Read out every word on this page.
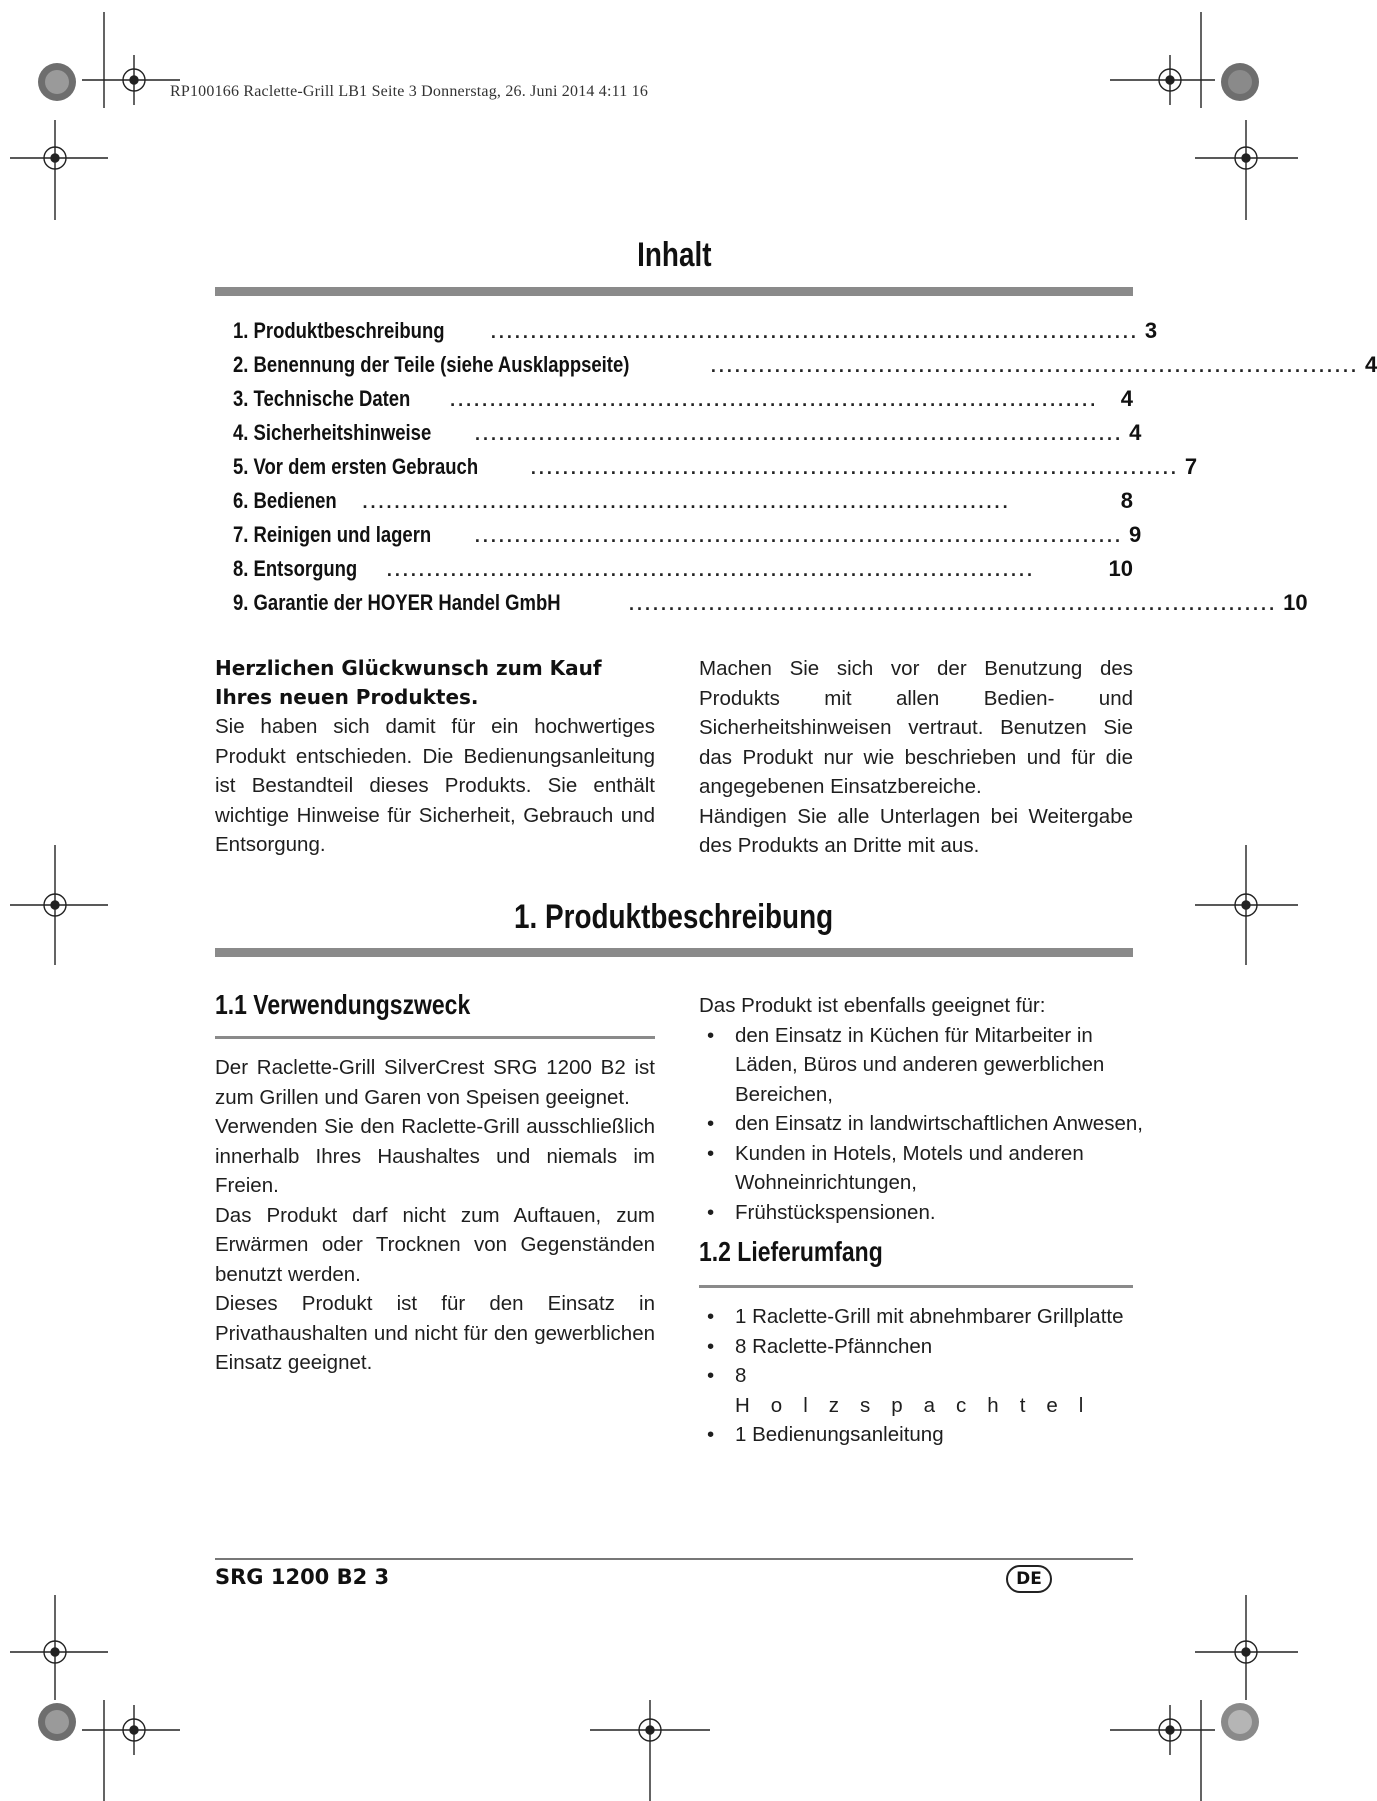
RP100166 Raclette-Grill LB1 Seite 3 Donnerstag, 26. Juni 2014 4:11 16
Inhalt
1. Produktbeschreibung	................................................................................. 3
2. Benennung der Teile (siehe Ausklappseite)	................................................................................. 4
3. Technische Daten .................................................................................	4
4. Sicherheitshinweise ................................................................................. 4
5. Vor dem ersten Gebrauch	................................................................................. 7
6. Bedienen .................................................................................	8
7. Reinigen und lagern ................................................................................. 9
8. Entsorgung .................................................................................	10
9. Garantie der HOYER Handel GmbH	................................................................................. 10

Herzlichen Glückwunsch zum Kauf Ihres neuen Produktes.

Sie haben sich damit für ein hochwertiges Produkt entschieden. Die Bedienungsanleitung ist Bestandteil dieses Produkts. Sie enthält wichtige Hinweise für Sicherheit, Gebrauch und Entsorgung.

Machen Sie sich vor der Benutzung des Produkts mit allen Bedien- und Sicherheitshinweisen vertraut. Benutzen Sie das Produkt nur wie beschrieben und für die angegebenen Einsatzbereiche.

Händigen Sie alle Unterlagen bei Weitergabe des Produkts an Dritte mit aus.

1. Produktbeschreibung
1.1 Verwendungszweck

Der Raclette-Grill SilverCrest SRG 1200 B2 ist zum Grillen und Garen von Speisen geeignet.

Verwenden Sie den Raclette-Grill ausschließlich innerhalb Ihres Haushaltes und niemals im Freien.

Das Produkt darf nicht zum Auftauen, zum Erwärmen oder Trocknen von Gegenständen benutzt werden.

Dieses Produkt ist für den Einsatz in Privathaushalten und nicht für den gewerblichen Einsatz geeignet.

Das Produkt ist ebenfalls geeignet für:

• den Einsatz in Küchen für Mitarbeiter in Läden, Büros und anderen gewerblichen Bereichen,
• den Einsatz in landwirtschaftlichen Anwesen,
• Kunden in Hotels, Motels und anderen Wohneinrichtungen,
• Frühstückspensionen.
1.2 Lieferumfang
• 1 Raclette-Grill mit abnehmbarer Grillplatte
• 8 Raclette-Pfännchen
• 8 Holzspachtel
• 1 Bedienungsanleitung
SRG 1200 B2 3	DE
